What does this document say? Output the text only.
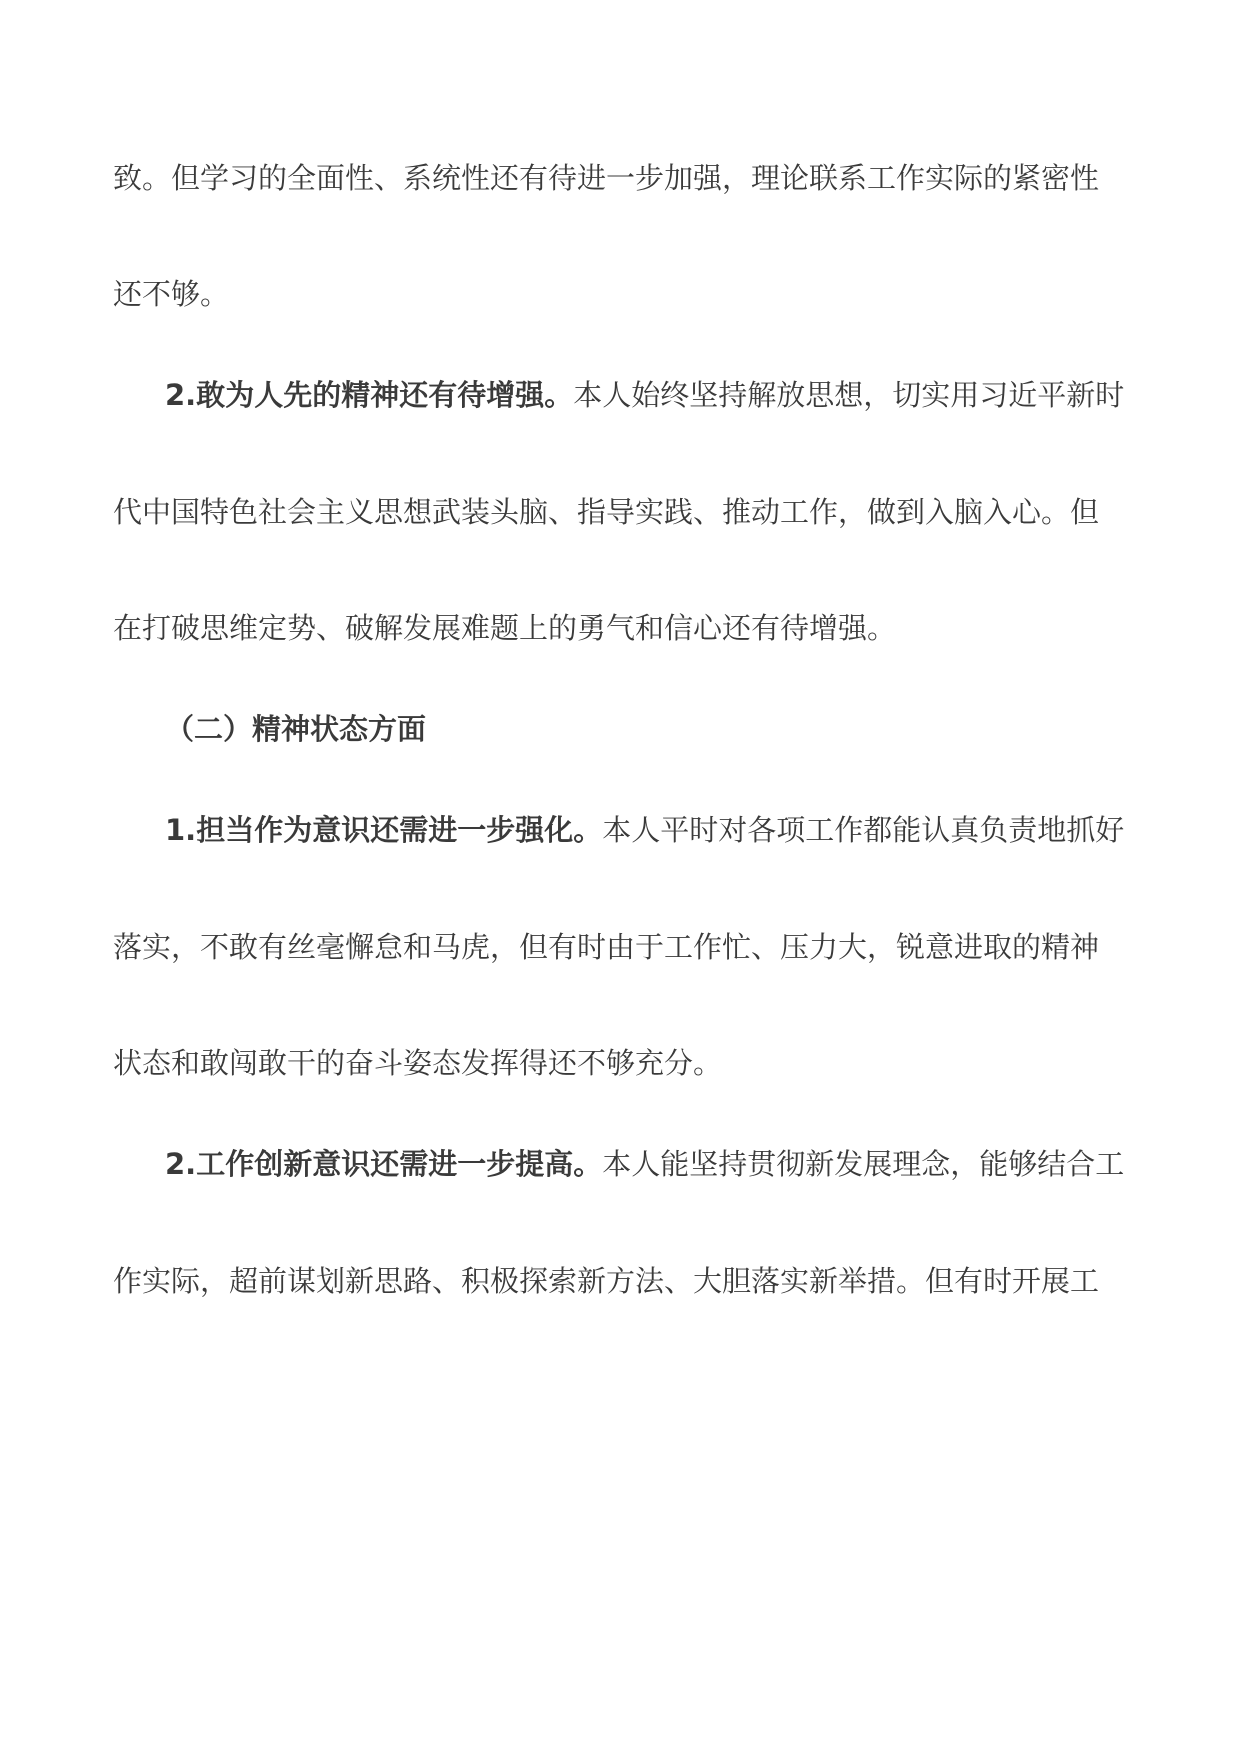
致。但学习的全面性、系统性还有待进一步加强，理论联系工作实际的紧密性
还不够。
2.敢为人先的精神还有待增强。本人始终坚持解放思想，切实用习近平新时
代中国特色社会主义思想武装头脑、指导实践、推动工作，做到入脑入心。但
在打破思维定势、破解发展难题上的勇气和信心还有待增强。
（二）精神状态方面
1.担当作为意识还需进一步强化。本人平时对各项工作都能认真负责地抓好
落实，不敢有丝毫懈怠和马虎，但有时由于工作忙、压力大，锐意进取的精神
状态和敢闯敢干的奋斗姿态发挥得还不够充分。
2.工作创新意识还需进一步提高。本人能坚持贯彻新发展理念，能够结合工
作实际，超前谋划新思路、积极探索新方法、大胆落实新举措。但有时开展工
